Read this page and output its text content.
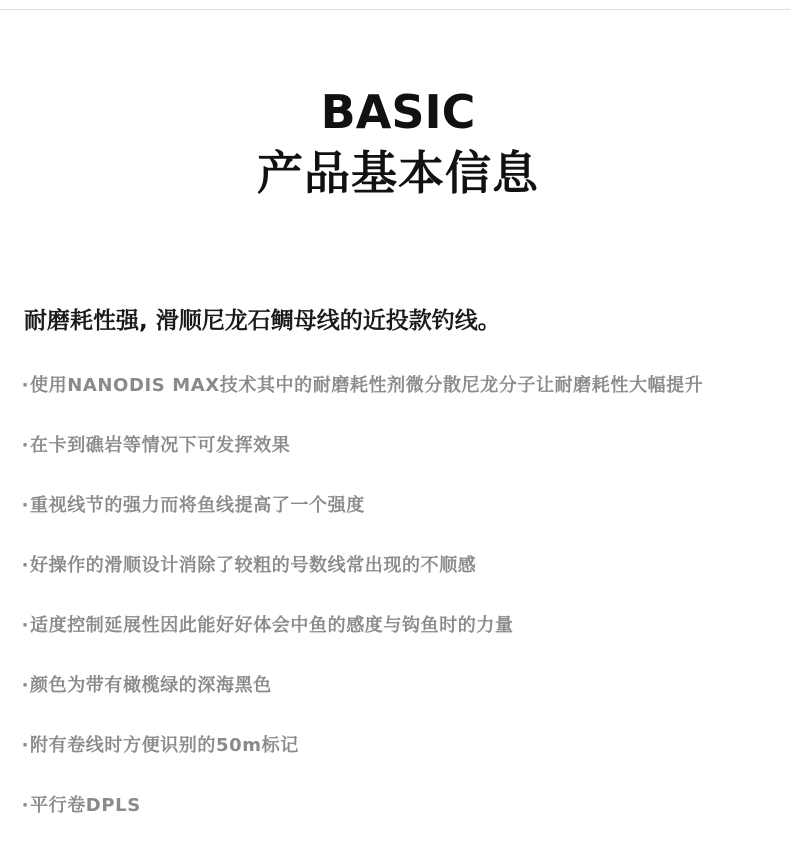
BASIC
产品基本信息
耐磨耗性强, 滑顺尼龙石鲷母线的近投款钓线。
·使用NANODIS MAX技术其中的耐磨耗性剂微分散尼龙分子让耐磨耗性大幅提升
·在卡到礁岩等情况下可发挥效果
·重视线节的强力而将鱼线提高了一个强度
·好操作的滑顺设计消除了较粗的号数线常出现的不顺感
·适度控制延展性因此能好好体会中鱼的感度与钩鱼时的力量
·颜色为带有橄榄绿的深海黑色
·附有卷线时方便识别的50m标记
·平行卷DPLS
